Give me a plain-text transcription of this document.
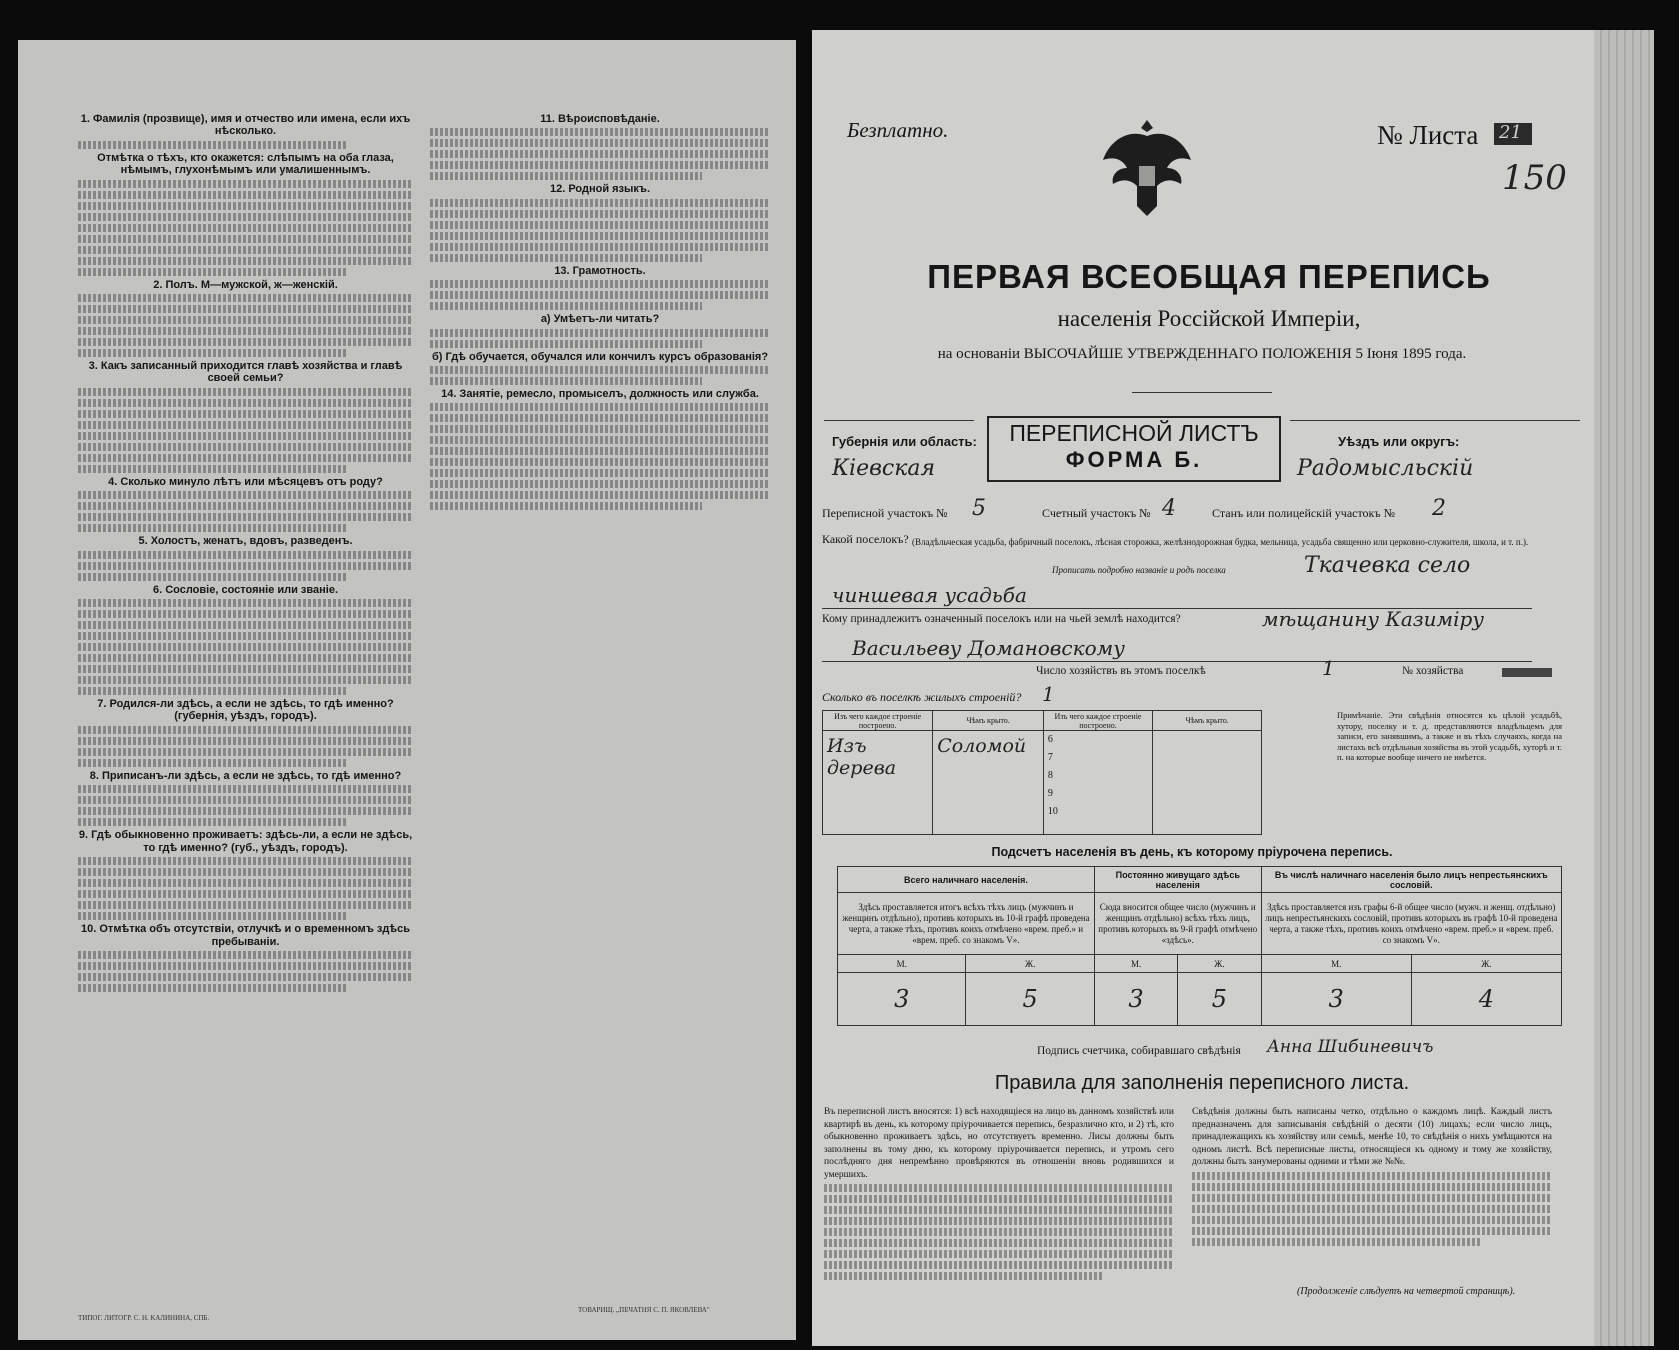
1. Фамилія (прозвище), имя и отчество или имена, если ихъ нѣсколько.
Отмѣтка о тѣхъ, кто окажется: слѣпымъ на оба глаза, нѣмымъ, глухонѣмымъ или умалишеннымъ.
2. Полъ. М—мужской, ж—женскій.
3. Какъ записанный приходится главѣ хозяйства и главѣ своей семьи?
4. Сколько минуло лѣтъ или мѣсяцевъ отъ роду?
5. Холостъ, женатъ, вдовъ, разведенъ.
6. Сословіе, состояніе или званіе.
7. Родился-ли здѣсь, а если не здѣсь, то гдѣ именно? (губернія, уѣздъ, городъ).
8. Приписанъ-ли здѣсь, а если не здѣсь, то гдѣ именно?
9. Гдѣ обыкновенно проживаетъ: здѣсь-ли, а если не здѣсь, то гдѣ именно? (губ., уѣздъ, городъ).
10. Отмѣтка объ отсутствіи, отлучкѣ и о временномъ здѣсь пребываніи.
11. Вѣроисповѣданіе.
12. Родной языкъ.
13. Грамотность.
а) Умѣетъ-ли читать?
б) Гдѣ обучается, обучался или кончилъ курсъ образованія?
14. Занятіе, ремесло, промыселъ, должность или служба.
ТИПОГ. ЛИТОГР. С. Н. КАЛИНИНА, СПБ.
ТОВАРИЩ. „ПЕЧАТНЯ С. П. ЯКОВЛЕВА"
Безплатно.	№ Листа 21
150
ПЕРВАЯ ВСЕОБЩАЯ ПЕРЕПИСЬ
населенія Россійской Имперіи,
на основаніи ВЫСОЧАЙШЕ УТВЕРЖДЕННАГО ПОЛОЖЕНІЯ 5 Іюня 1895 года.
Губернія или область:
Кіевская
ПЕРЕПИСНОЙ ЛИСТЪ
ФОРМА Б.
Уѣздъ или округъ:
Радомысльскій
Переписной участокъ № 5	Счетный участокъ № 4	Станъ или полицейскій участокъ № 2
Какой поселокъ? (Владѣльческая усадьба, фабричный поселокъ, лѣсная сторожка, желѣзнодорожная будка, мельница, усадьба священно или церковно-служителя, школа, и т. п.).
Прописать подробно названіе и родъ поселка	Ткачевка село
чиншевая усадьба
Кому принадлежитъ означенный поселокъ или на чьей землѣ находится?	мѣщанину Казиміру
Васильеву Домановскому
Число хозяйствъ въ этомъ поселкѣ	1	№ хозяйства
Сколько въ поселкѣ жилыхъ строеній? 1
Изъ чего каждое строеніе построено.	Чѣмъ крыто.	Изъ чего каждое строеніе построено.	Чѣмъ крыто.

Изъ дерева	Соломой	6
7
8
9
10	

Примѣчаніе. Эти свѣдѣнія относятся къ цѣлой усадьбѣ, хутору, поселку и т. д. представляются владѣльцемъ для записи, его занявшимъ, а также и въ тѣхъ случаяхъ, когда на листахъ всѣ отдѣльныя хозяйства въ этой усадьбѣ, хуторѣ и т. п. на которые вообще ничего не имѣется.
Подсчетъ населенія въ день, къ которому пріурочена перепись.
Всего наличнаго населенія.		Постоянно живущаго здѣсь населенія		Въ числѣ наличнаго населенія было лицъ непрестьянскихъ сословій.	
Здѣсь проставляется итогъ всѣхъ тѣхъ лицъ (мужчинъ и женщинъ отдѣльно), противъ которыхъ въ 10-й графѣ проведена черта, а также тѣхъ, противъ коихъ отмѣчено «врем. преб.» и «врем. преб. со знакомъ V».		Сюда вносится общее число (мужчинъ и женщинъ отдѣльно) всѣхъ тѣхъ лицъ, противъ которыхъ въ 9-й графѣ отмѣчено «здѣсь».		Здѣсь проставляется изъ графы 6-й общее число (мужч. и женщ. отдѣльно) лицъ непрестьянскихъ сословій, противъ которыхъ въ графѣ 10-й проведена черта, а также тѣхъ, противъ коихъ отмѣчено «врем. преб.» и «врем. преб. со знакомъ V».	
М.	Ж.	М.	Ж.	М.	Ж.
3	5	3	5	3	4
Подпись счетчика, собиравшаго свѣдѣнія Анна Шибиневичъ
Правила для заполненія переписного листа.
Въ переписной листъ вносятся: 1) всѣ находящіеся на лицо въ данномъ хозяйствѣ или квартирѣ въ день, къ которому пріурочивается перепись, безразлично кто, и 2) тѣ, кто обыкновенно проживаетъ здѣсь, но отсутствуетъ временно. Лисы должны быть заполнены въ тому дню, къ которому пріурочивается перепись, и утромъ сего послѣдняго дня непремѣнно провѣряются въ отношеніи вновь родившихся и умершихъ.
Свѣдѣнія должны быть написаны четко, отдѣльно о каждомъ лицѣ. Каждый листъ предназначенъ для записыванія свѣдѣній о десяти (10) лицахъ; если число лицъ, принадлежащихъ къ хозяйству или семьѣ, менѣе 10, то свѣдѣнія о нихъ умѣщаются на одномъ листѣ. Всѣ переписные листы, относящіеся къ одному и тому же хозяйству, должны быть занумерованы одними и тѣми же №№.
(Продолженіе слѣдуетъ на четвертой страницѣ).
